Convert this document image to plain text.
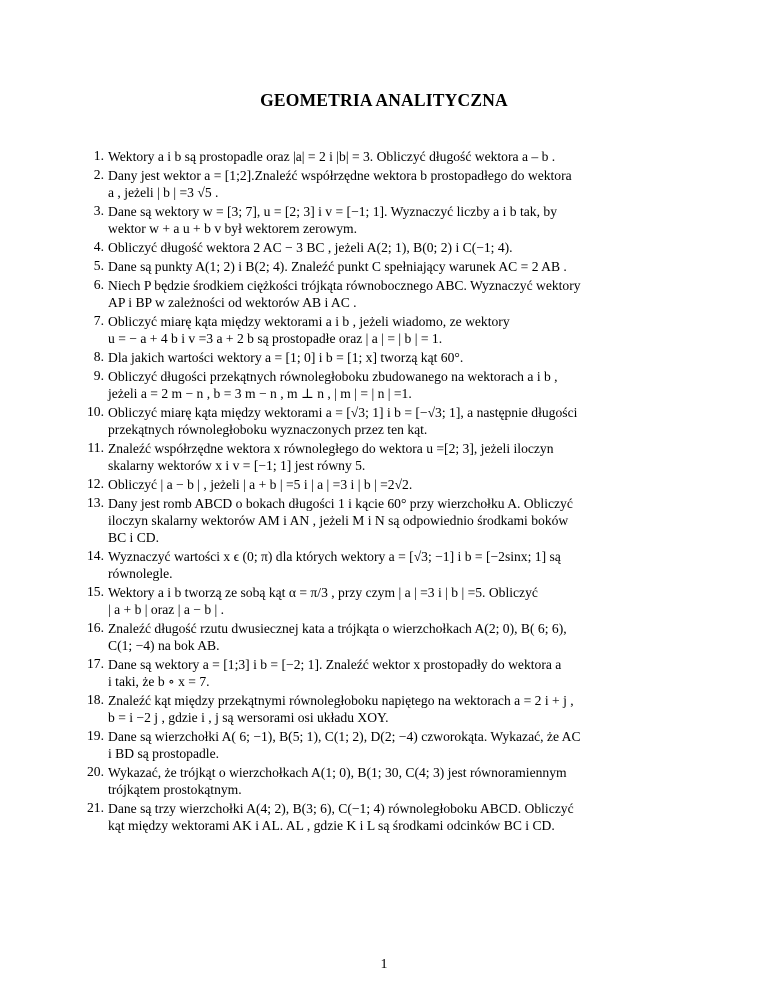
GEOMETRIA ANALITYCZNA
1. Wektory a i b są prostopadle oraz |a| = 2 i |b| = 3. Obliczyć długość wektora a – b .
2. Dany jest wektor a = [1;2].Znaleźć współrzędne wektora b prostopadłego do wektora
a , jeżeli | b | =3 √5 .
3. Dane są wektory w = [3; 7], u = [2; 3] i v = [−1; 1]. Wyznaczyć liczby a i b tak, by
wektor w + a u + b v był wektorem zerowym.
4. Obliczyć długość wektora 2 AC − 3 BC , jeżeli A(2; 1), B(0; 2) i C(−1; 4).
5. Dane są punkty A(1; 2) i B(2; 4). Znaleźć punkt C spełniający warunek AC = 2 AB .
6. Niech P będzie środkiem ciężkości trójkąta równobocznego ABC. Wyznaczyć wektory
AP i BP w zależności od wektorów AB i AC .
7. Obliczyć miarę kąta między wektorami a i b , jeżeli wiadomo, ze wektory
u = − a + 4 b i v =3 a + 2 b są prostopadłe oraz | a | = | b | = 1.
8. Dla jakich wartości wektory a = [1; 0] i b = [1; x] tworzą kąt 60°.
9. Obliczyć długości przekątnych równoległoboku zbudowanego na wektorach a i b ,
jeżeli a = 2 m − n , b = 3 m − n , m ⊥ n , | m | = | n | =1.
10. Obliczyć miarę kąta między wektorami a = [√3; 1] i b = [−√3; 1], a następnie długości
przekątnych równoległoboku wyznaczonych przez ten kąt.
11. Znaleźć współrzędne wektora x równoległego do wektora u =[2; 3], jeżeli iloczyn
skalarny wektorów x i v = [−1; 1] jest równy 5.
12. Obliczyć | a − b | , jeżeli | a + b | =5 i | a | =3 i | b | =2√2.
13. Dany jest romb ABCD o bokach długości 1 i kącie 60° przy wierzchołku A. Obliczyć
iloczyn skalarny wektorów AM i AN , jeżeli M i N są odpowiednio środkami boków
BC i CD.
14. Wyznaczyć wartości x ϵ (0; π) dla których wektory a = [√3; −1] i b = [−2sinx; 1] są
równolegle.
15. Wektory a i b tworzą ze sobą kąt α = π/3 , przy czym | a | =3 i | b | =5. Obliczyć
| a + b | oraz | a − b | .
16. Znaleźć długość rzutu dwusiecznej kata a trójkąta o wierzchołkach A(2; 0), B( 6; 6),
C(1; −4) na bok AB.
17. Dane są wektory a = [1;3] i b = [−2; 1]. Znaleźć wektor x prostopadły do wektora a
i taki, że b ∘ x = 7.
18. Znaleźć kąt między przekątnymi równoległoboku napiętego na wektorach a = 2 i + j ,
b = i −2 j , gdzie i , j są wersorami osi układu XOY.
19. Dane są wierzchołki A( 6; −1), B(5; 1), C(1; 2), D(2; −4) czworokąta. Wykazać, że AC
i BD są prostopadle.
20. Wykazać, że trójkąt o wierzchołkach A(1; 0), B(1; 30, C(4; 3) jest równoramiennym
trójkątem prostokątnym.
1
21. Dane są trzy wierzchołki A(4; 2), B(3; 6), C(−1; 4) równoległoboku ABCD. Obliczyć
kąt między wektorami AK i AL. AL , gdzie K i L są środkami odcinków BC i CD.
